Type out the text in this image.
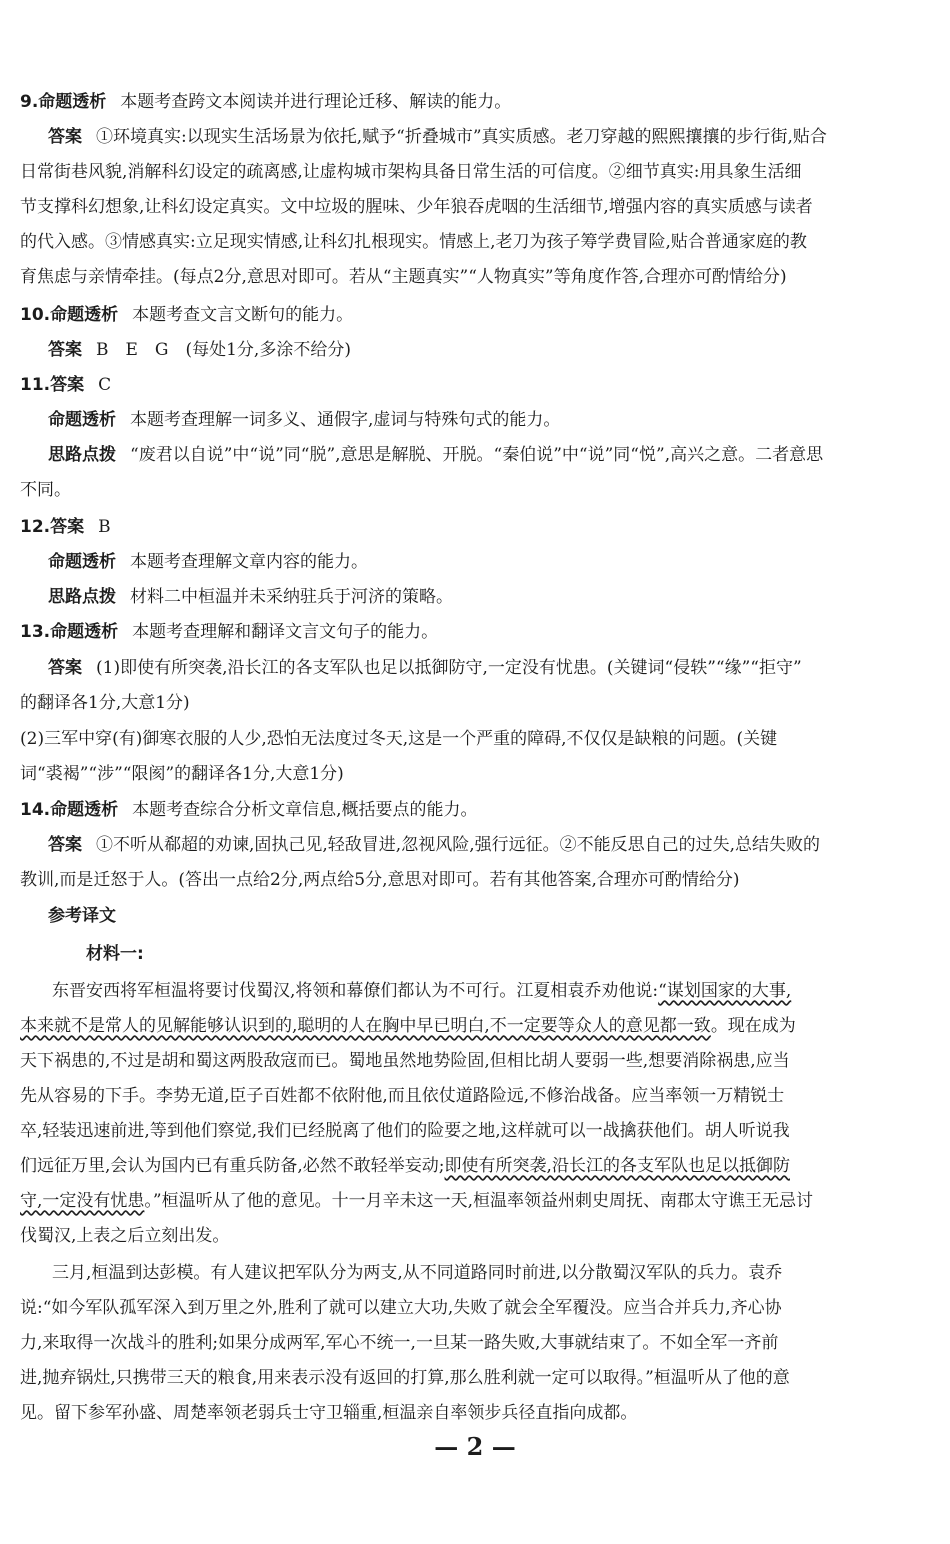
9.命题透析 本题考查跨文本阅读并进行理论迁移、解读的能力。
答案 ①环境真实:以现实生活场景为依托,赋予“折叠城市”真实质感。老刀穿越的熙熙攘攘的步行街,贴合
日常街巷风貌,消解科幻设定的疏离感,让虚构城市架构具备日常生活的可信度。②细节真实:用具象生活细
节支撑科幻想象,让科幻设定真实。文中垃圾的腥味、少年狼吞虎咽的生活细节,增强内容的真实质感与读者
的代入感。③情感真实:立足现实情感,让科幻扎根现实。情感上,老刀为孩子筹学费冒险,贴合普通家庭的教
育焦虑与亲情牵挂。(每点2分,意思对即可。若从“主题真实”“人物真实”等角度作答,合理亦可酌情给分)
10.命题透析 本题考查文言文断句的能力。
答案 B　E　G　(每处1分,多涂不给分)
11.答案 C
命题透析 本题考查理解一词多义、通假字,虚词与特殊句式的能力。
思路点拨 “废君以自说”中“说”同“脱”,意思是解脱、开脱。“秦伯说”中“说”同“悦”,高兴之意。二者意思
不同。
12.答案 B
命题透析 本题考查理解文章内容的能力。
思路点拨 材料二中桓温并未采纳驻兵于河济的策略。
13.命题透析 本题考查理解和翻译文言文句子的能力。
答案 (1)即使有所突袭,沿长江的各支军队也足以抵御防守,一定没有忧患。(关键词“侵轶”“缘”“拒守”
的翻译各1分,大意1分)
(2)三军中穿(有)御寒衣服的人少,恐怕无法度过冬天,这是一个严重的障碍,不仅仅是缺粮的问题。(关键
词“裘褐”“涉”“限阂”的翻译各1分,大意1分)
14.命题透析 本题考查综合分析文章信息,概括要点的能力。
答案 ①不听从郗超的劝谏,固执己见,轻敌冒进,忽视风险,强行远征。②不能反思自己的过失,总结失败的
教训,而是迁怒于人。(答出一点给2分,两点给5分,意思对即可。若有其他答案,合理亦可酌情给分)
参考译文
材料一:
东晋安西将军桓温将要讨伐蜀汉,将领和幕僚们都认为不可行。江夏相袁乔劝他说:“谋划国家的大事,
本来就不是常人的见解能够认识到的,聪明的人在胸中早已明白,不一定要等众人的意见都一致。现在成为
天下祸患的,不过是胡和蜀这两股敌寇而已。蜀地虽然地势险固,但相比胡人要弱一些,想要消除祸患,应当
先从容易的下手。李势无道,臣子百姓都不依附他,而且依仗道路险远,不修治战备。应当率领一万精锐士
卒,轻装迅速前进,等到他们察觉,我们已经脱离了他们的险要之地,这样就可以一战擒获他们。胡人听说我
们远征万里,会认为国内已有重兵防备,必然不敢轻举妄动;即使有所突袭,沿长江的各支军队也足以抵御防
守,一定没有忧患。”桓温听从了他的意见。十一月辛未这一天,桓温率领益州刺史周抚、南郡太守谯王无忌讨
伐蜀汉,上表之后立刻出发。
三月,桓温到达彭模。有人建议把军队分为两支,从不同道路同时前进,以分散蜀汉军队的兵力。袁乔
说:“如今军队孤军深入到万里之外,胜利了就可以建立大功,失败了就会全军覆没。应当合并兵力,齐心协
力,来取得一次战斗的胜利;如果分成两军,军心不统一,一旦某一路失败,大事就结束了。不如全军一齐前
进,抛弃锅灶,只携带三天的粮食,用来表示没有返回的打算,那么胜利就一定可以取得。”桓温听从了他的意
见。留下参军孙盛、周楚率领老弱兵士守卫辎重,桓温亲自率领步兵径直指向成都。
— 2 —
